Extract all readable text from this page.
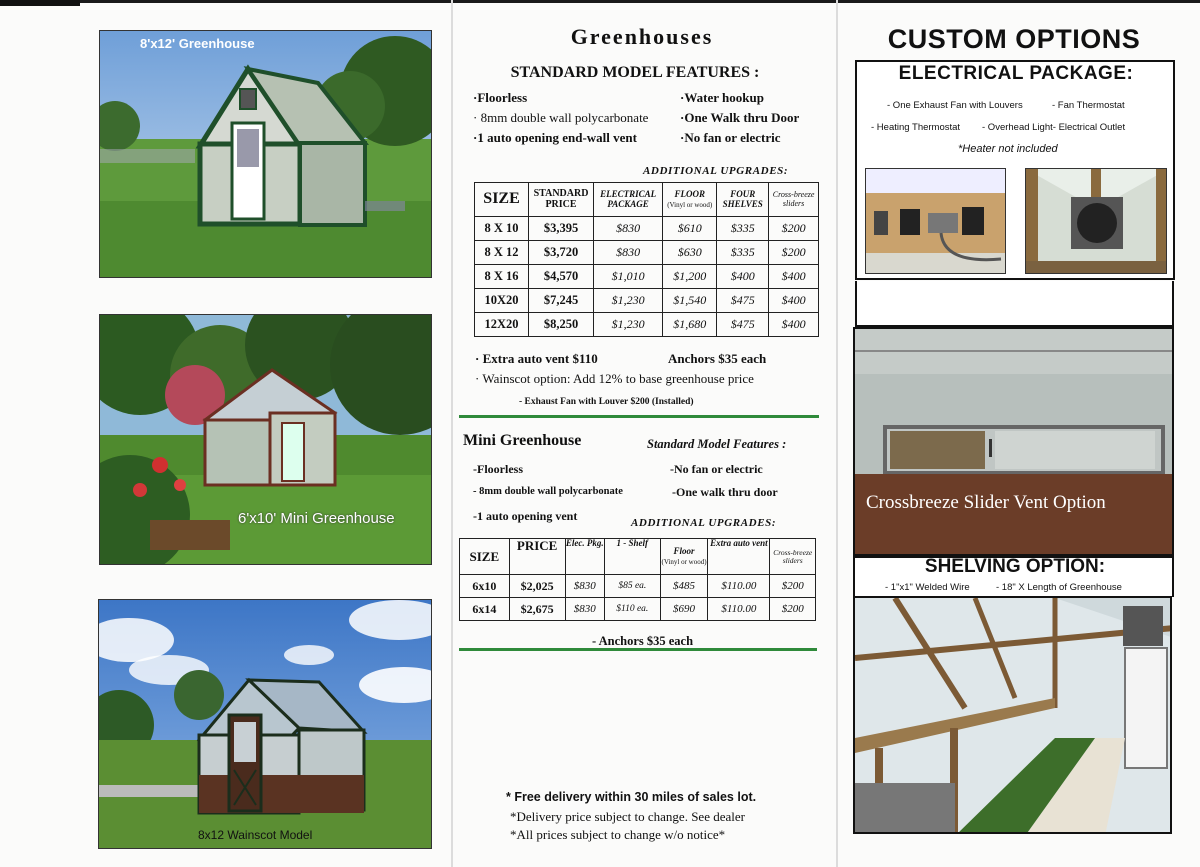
8'x12' Greenhouse
6'x10' Mini Greenhouse
8x12 Wainscot Model
Greenhouses
STANDARD MODEL FEATURES :
·Floorless
· 8mm double wall polycarbonate
·1 auto opening end-wall vent
·Water hookup
·One Walk thru Door
·No fan or electric
ADDITIONAL UPGRADES:
SIZE	STANDARD PRICE	ELECTRICAL PACKAGE	FLOOR
(Vinyl or wood)	FOUR SHELVES	Cross-breeze sliders
8 X 10	$3,395	$830	$610	$335	$200
8 X 12	$3,720	$830	$630	$335	$200
8 X 16	$4,570	$1,010	$1,200	$400	$400
10X20	$7,245	$1,230	$1,540	$475	$400
12X20	$8,250	$1,230	$1,680	$475	$400
· Extra auto vent $110	Anchors $35 each
· Wainscot option: Add 12% to base greenhouse price
- Exhaust Fan with Louver $200 (Installed)
Mini Greenhouse	Standard Model Features :
-Floorless
- 8mm double wall polycarbonate
-1 auto opening vent
-No fan or electric
-One walk thru door
ADDITIONAL UPGRADES:
SIZE	PRICE	Elec. Pkg.	1 - Shelf	Floor
(Vinyl or wood)	Extra auto vent	Cross-breeze sliders
6x10	$2,025	$830	$85 ea.	$485	$110.00	$200
6x14	$2,675	$830	$110 ea.	$690	$110.00	$200
- Anchors $35 each
* Free delivery within 30 miles of sales lot.
*Delivery price subject to change. See dealer
*All prices subject to change w/o notice*
CUSTOM OPTIONS
ELECTRICAL PACKAGE:
- One Exhaust Fan with Louvers	- Fan Thermostat
- Heating Thermostat - Overhead Light- Electrical Outlet
*Heater not included
Crossbreeze Slider Vent Option
SHELVING OPTION:
- 1"x1" Welded Wire	- 18" X Length of Greenhouse
